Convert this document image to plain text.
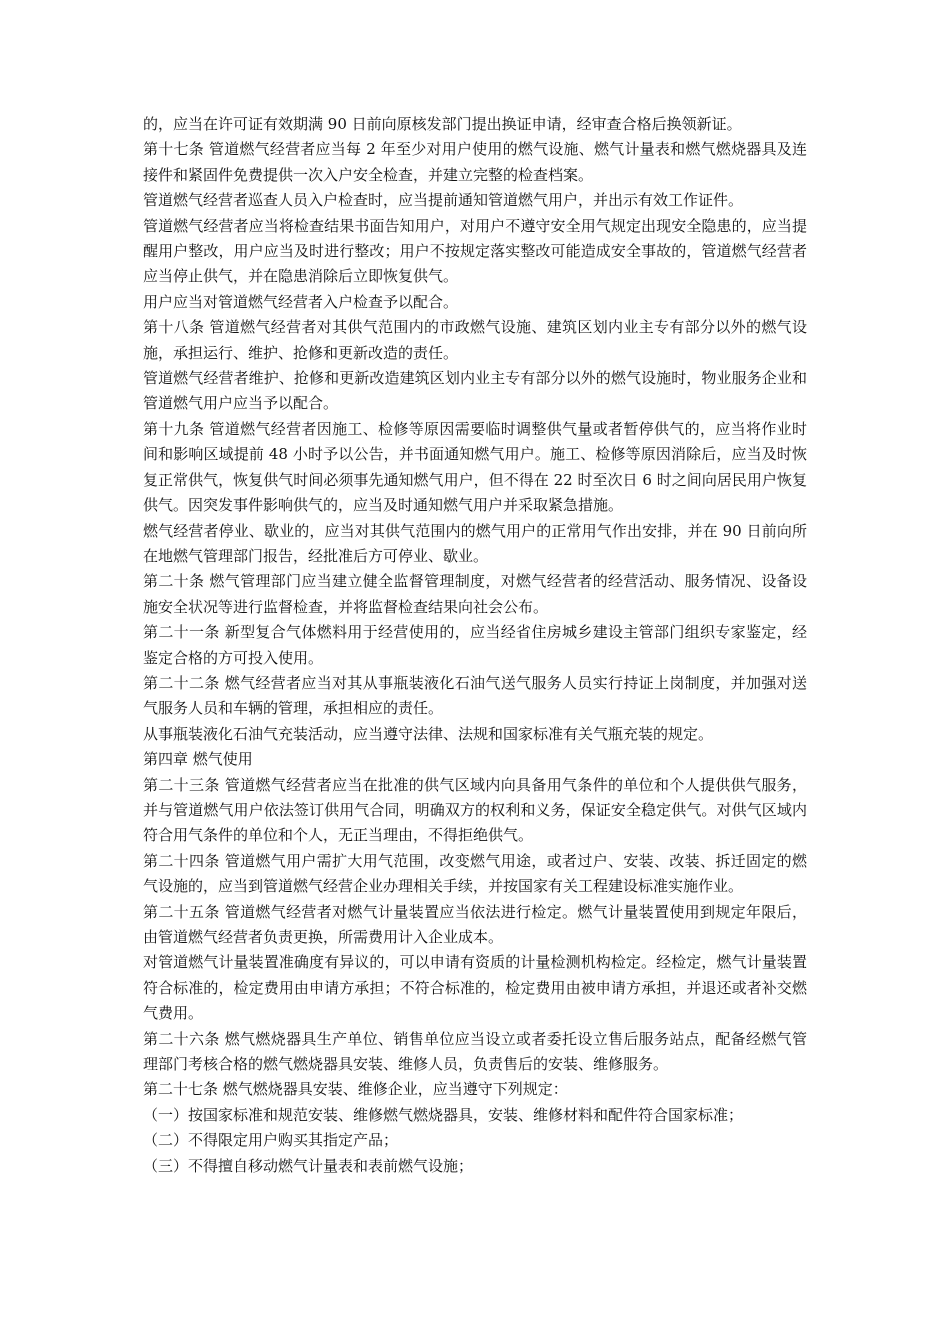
的，应当在许可证有效期满 90 日前向原核发部门提出换证申请，经审查合格后换领新证。

第十七条 管道燃气经营者应当每 2 年至少对用户使用的燃气设施、燃气计量表和燃气燃烧器具及连接件和紧固件免费提供一次入户安全检查，并建立完整的检查档案。

管道燃气经营者巡查人员入户检查时，应当提前通知管道燃气用户，并出示有效工作证件。

管道燃气经营者应当将检查结果书面告知用户，对用户不遵守安全用气规定出现安全隐患的，应当提醒用户整改，用户应当及时进行整改；用户不按规定落实整改可能造成安全事故的，管道燃气经营者应当停止供气，并在隐患消除后立即恢复供气。

用户应当对管道燃气经营者入户检查予以配合。

第十八条 管道燃气经营者对其供气范围内的市政燃气设施、建筑区划内业主专有部分以外的燃气设施，承担运行、维护、抢修和更新改造的责任。

管道燃气经营者维护、抢修和更新改造建筑区划内业主专有部分以外的燃气设施时，物业服务企业和管道燃气用户应当予以配合。

第十九条 管道燃气经营者因施工、检修等原因需要临时调整供气量或者暂停供气的，应当将作业时间和影响区域提前 48 小时予以公告，并书面通知燃气用户。施工、检修等原因消除后，应当及时恢复正常供气，恢复供气时间必须事先通知燃气用户，但不得在 22 时至次日 6 时之间向居民用户恢复供气。因突发事件影响供气的，应当及时通知燃气用户并采取紧急措施。

燃气经营者停业、歇业的，应当对其供气范围内的燃气用户的正常用气作出安排，并在 90 日前向所在地燃气管理部门报告，经批准后方可停业、歇业。

第二十条 燃气管理部门应当建立健全监督管理制度，对燃气经营者的经营活动、服务情况、设备设施安全状况等进行监督检查，并将监督检查结果向社会公布。

第二十一条 新型复合气体燃料用于经营使用的，应当经省住房城乡建设主管部门组织专家鉴定，经鉴定合格的方可投入使用。

第二十二条 燃气经营者应当对其从事瓶装液化石油气送气服务人员实行持证上岗制度，并加强对送气服务人员和车辆的管理，承担相应的责任。

从事瓶装液化石油气充装活动，应当遵守法律、法规和国家标准有关气瓶充装的规定。

第四章 燃气使用

第二十三条 管道燃气经营者应当在批准的供气区域内向具备用气条件的单位和个人提供供气服务，并与管道燃气用户依法签订供用气合同，明确双方的权利和义务，保证安全稳定供气。对供气区域内符合用气条件的单位和个人，无正当理由，不得拒绝供气。

第二十四条 管道燃气用户需扩大用气范围，改变燃气用途，或者过户、安装、改装、拆迁固定的燃气设施的，应当到管道燃气经营企业办理相关手续，并按国家有关工程建设标准实施作业。

第二十五条 管道燃气经营者对燃气计量装置应当依法进行检定。燃气计量装置使用到规定年限后，由管道燃气经营者负责更换，所需费用计入企业成本。

对管道燃气计量装置准确度有异议的，可以申请有资质的计量检测机构检定。经检定，燃气计量装置符合标准的，检定费用由申请方承担；不符合标准的，检定费用由被申请方承担，并退还或者补交燃气费用。

第二十六条 燃气燃烧器具生产单位、销售单位应当设立或者委托设立售后服务站点，配备经燃气管理部门考核合格的燃气燃烧器具安装、维修人员，负责售后的安装、维修服务。

第二十七条 燃气燃烧器具安装、维修企业，应当遵守下列规定：

（一）按国家标准和规范安装、维修燃气燃烧器具，安装、维修材料和配件符合国家标准；

（二）不得限定用户购买其指定产品；

（三）不得擅自移动燃气计量表和表前燃气设施；
